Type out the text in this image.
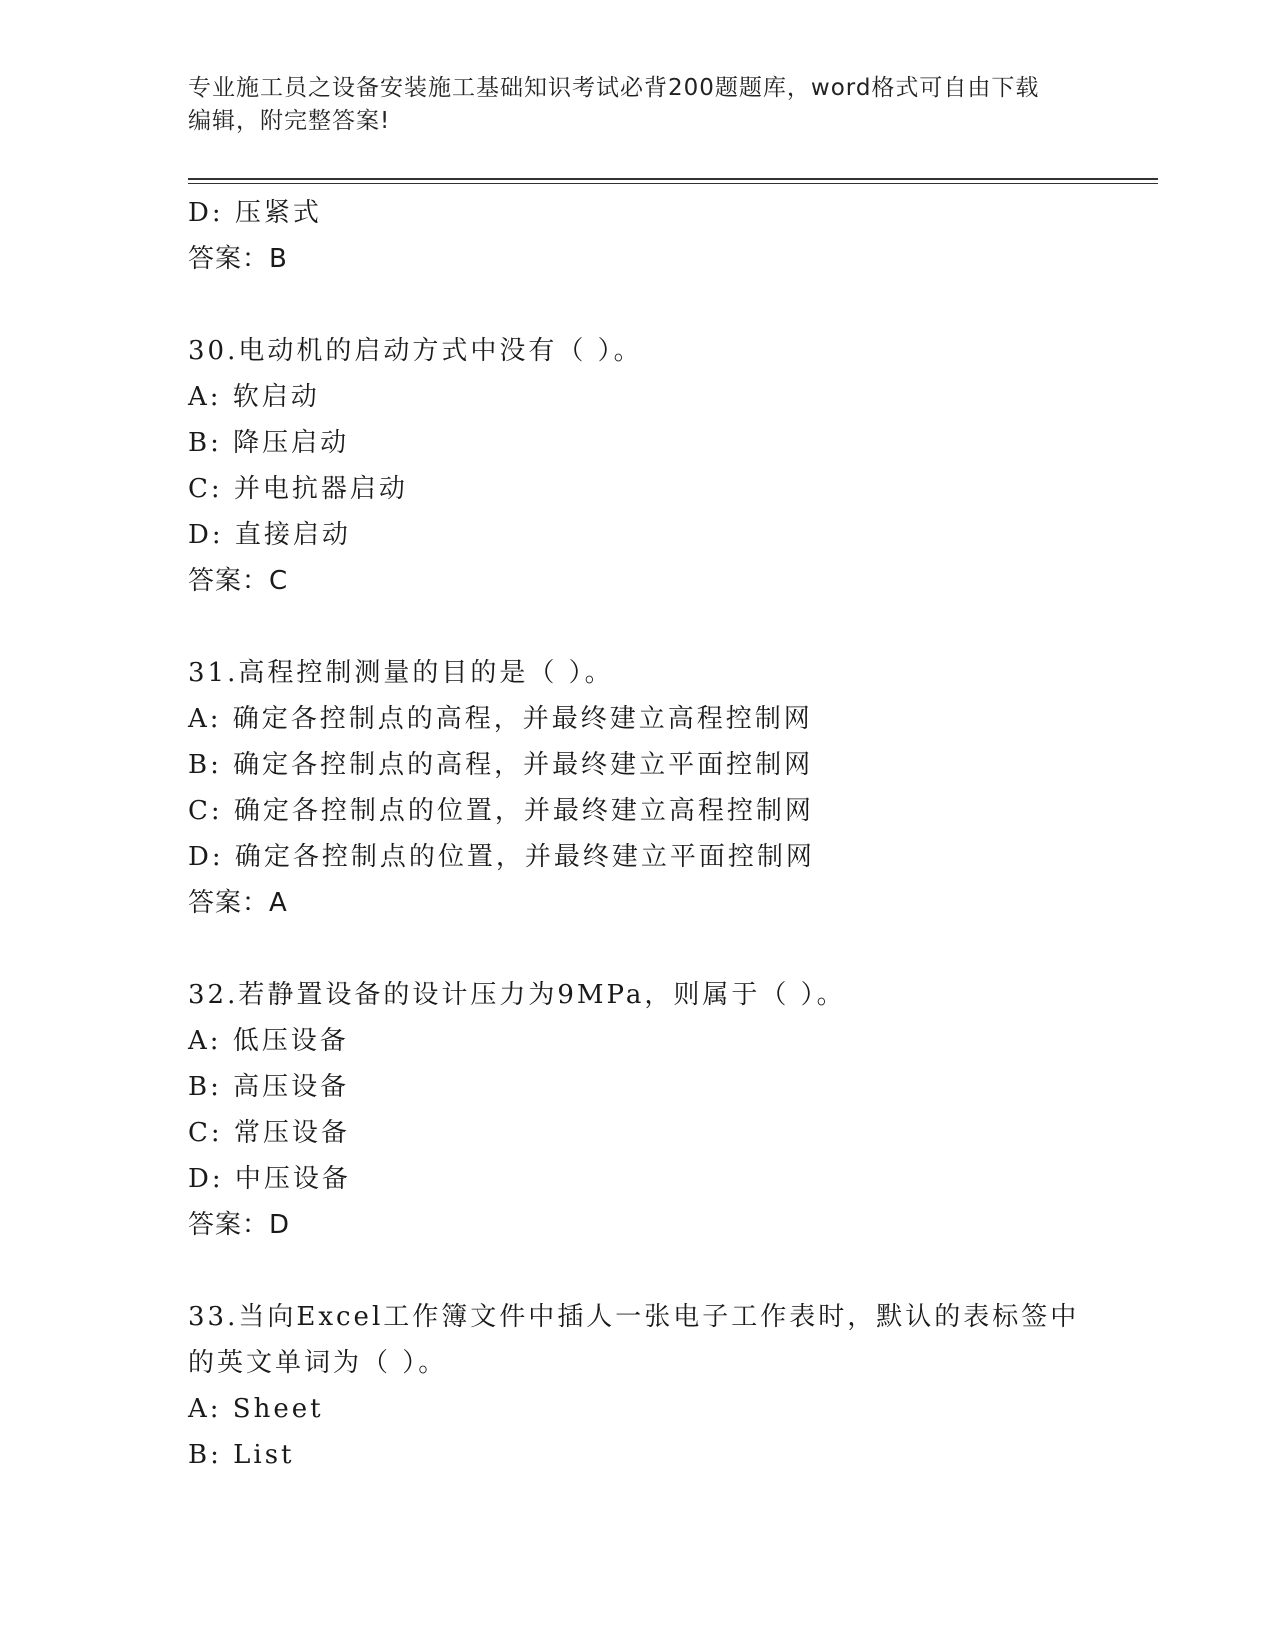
专业施工员之设备安装施工基础知识考试必背200题题库，word格式可自由下载
编辑，附完整答案!
D: 压紧式
答案：B
30.电动机的启动方式中没有（ ）。
A: 软启动
B: 降压启动
C: 并电抗器启动
D: 直接启动
答案：C
31.高程控制测量的目的是（ ）。
A: 确定各控制点的高程，并最终建立高程控制网
B: 确定各控制点的高程，并最终建立平面控制网
C: 确定各控制点的位置，并最终建立高程控制网
D: 确定各控制点的位置，并最终建立平面控制网
答案：A
32.若静置设备的设计压力为9MPa，则属于（ ）。
A: 低压设备
B: 高压设备
C: 常压设备
D: 中压设备
答案：D
33.当向Excel工作簿文件中插人一张电子工作表时，默认的表标签中
的英文单词为（ ）。
A: Sheet
B: List
